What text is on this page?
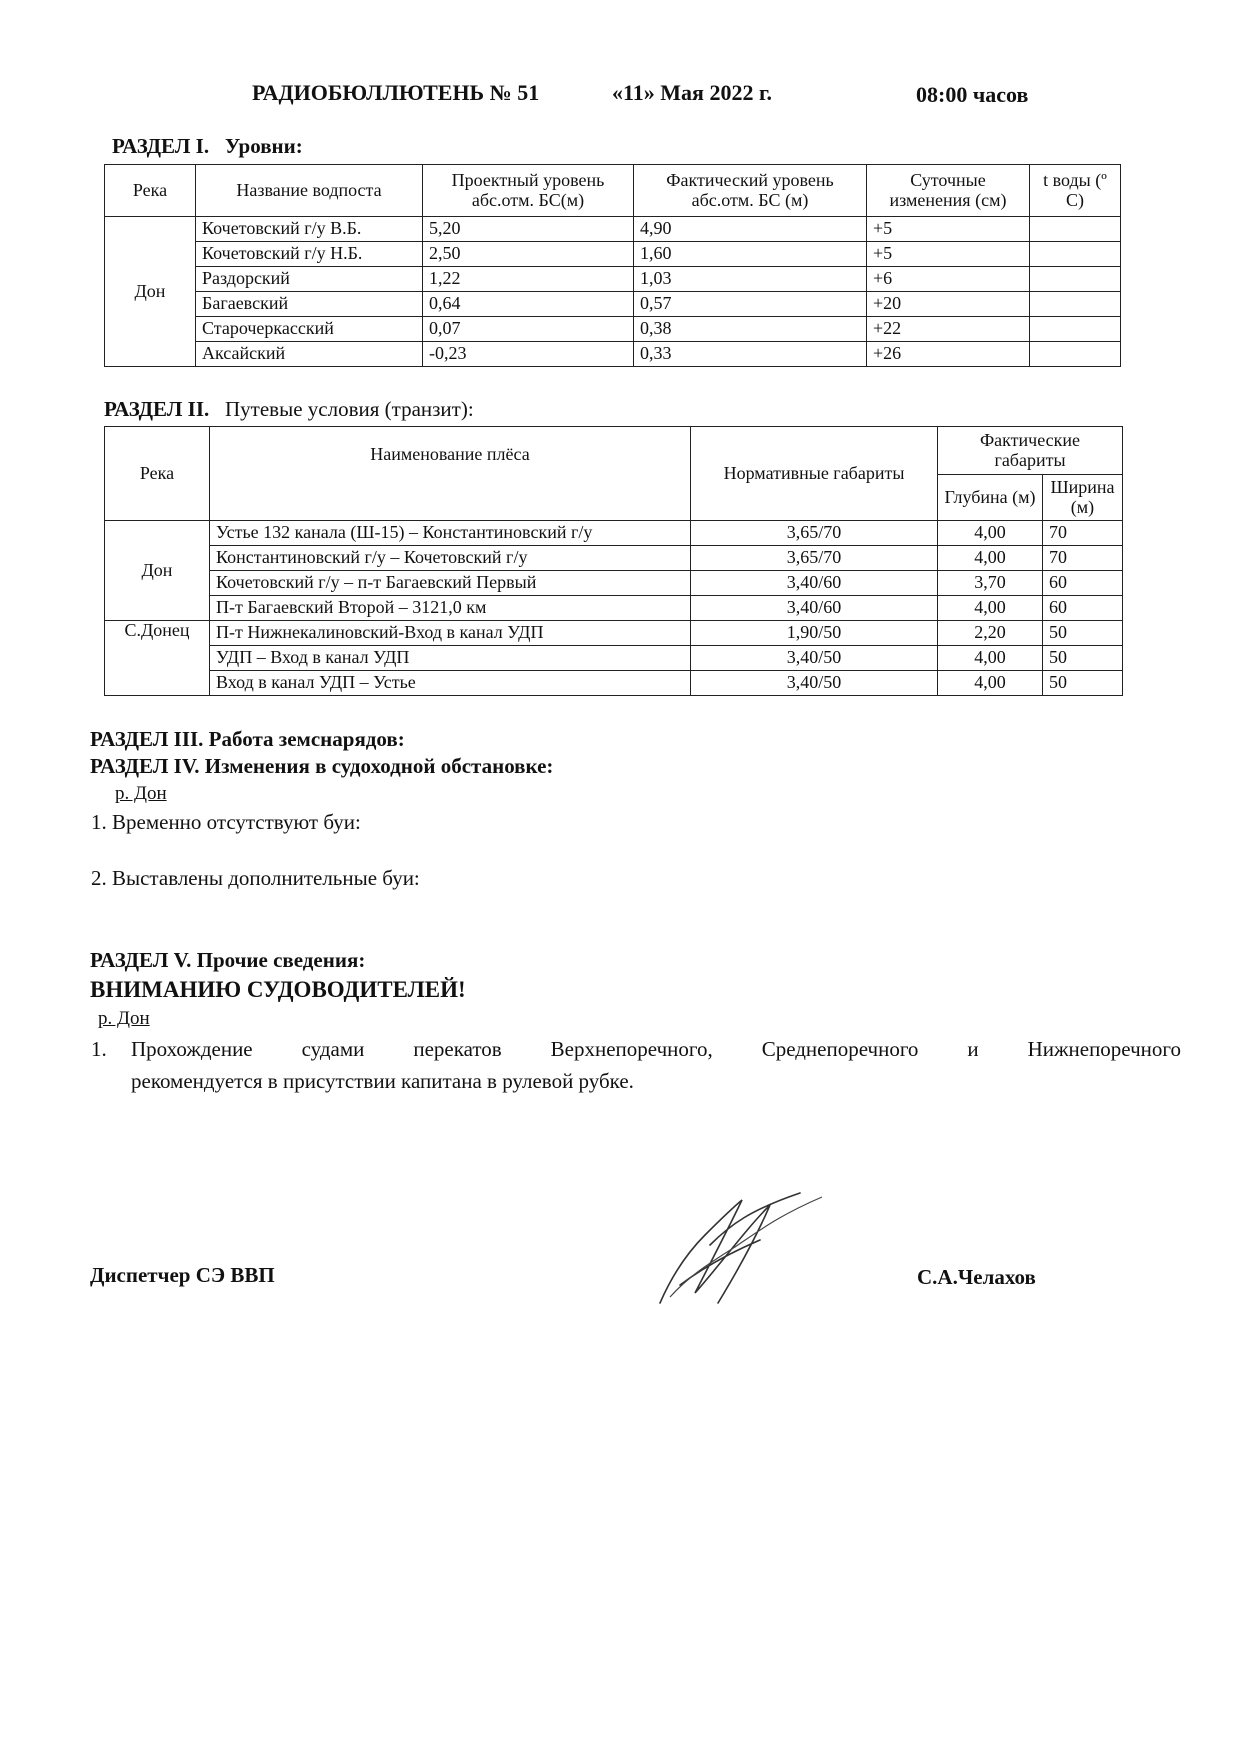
РАДИОБЮЛЛЮТЕНЬ № 51	«11» Мая 2022 г.	08:00 часов
РАЗДЕЛ I. Уровни:
Река	Название водпоста	Проектный уровень абс.отм. БС(м)	Фактический уровень абс.отм. БС (м)	Суточные изменения (см)	t воды (º С)
Дон	Кочетовский г/у В.Б.	5,20	4,90	+5	
	Кочетовский г/у Н.Б.	2,50	1,60	+5	
	Раздорский	1,22	1,03	+6	
	Багаевский	0,64	0,57	+20	
	Старочеркасский	0,07	0,38	+22	
	Аксайский	-0,23	0,33	+26	
РАЗДЕЛ II. Путевые условия (транзит):
Река	Наименование плёса	Нормативные габариты	Фактические габариты	
			Глубина (м)	Ширина (м)
Дон	Устье 132 канала (Ш-15) – Константиновский г/у	3,65/70	4,00	70
	Константиновский г/у – Кочетовский г/у	3,65/70	4,00	70
	Кочетовский г/у – п-т Багаевский Первый	3,40/60	3,70	60
	П-т Багаевский Второй – 3121,0 км	3,40/60	4,00	60
С.Донец	П-т Нижнекалиновский-Вход в канал УДП	1,90/50	2,20	50
	УДП – Вход в канал УДП	3,40/50	4,00	50
	Вход в канал УДП – Устье	3,40/50	4,00	50
РАЗДЕЛ III. Работа земснарядов:
РАЗДЕЛ IV. Изменения в судоходной обстановке:
р. Дон
1. Временно отсутствуют буи:
2. Выставлены дополнительные буи:
РАЗДЕЛ V. Прочие сведения:
ВНИМАНИЮ СУДОВОДИТЕЛЕЙ!
р. Дон
1. Прохождение судами перекатов Верхнепоречного, Среднепоречного и Нижнепоречного
рекомендуется в присутствии капитана в рулевой рубке.
Диспетчер СЭ ВВП	С.А.Челахов
